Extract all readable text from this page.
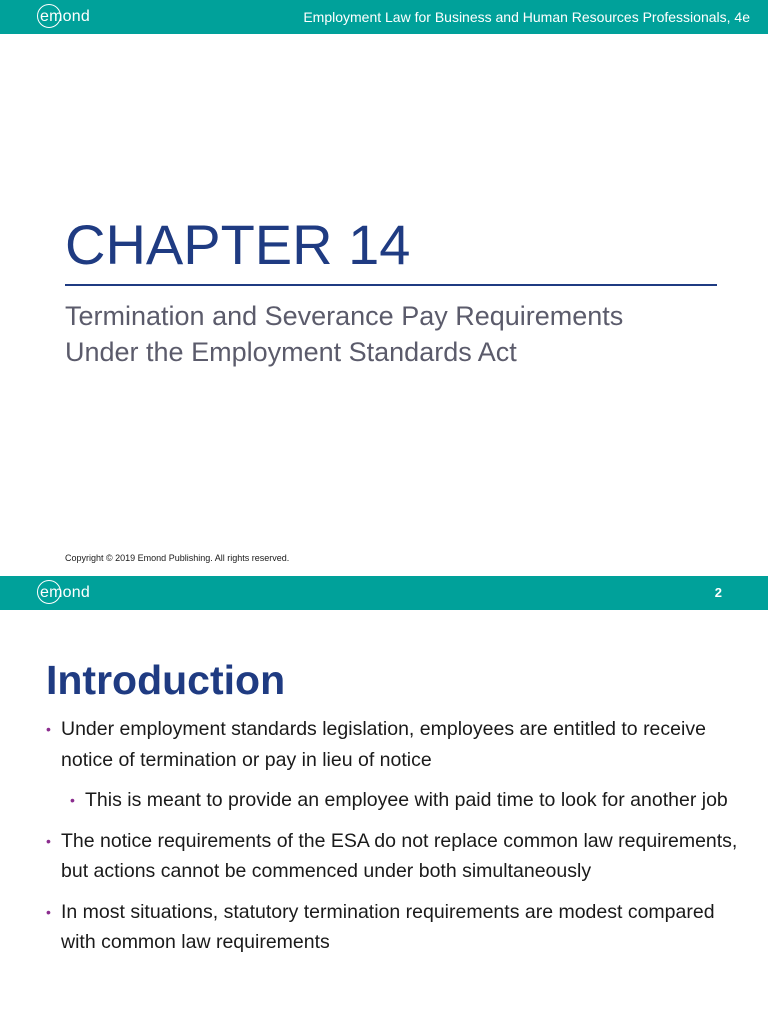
emond	Employment Law for Business and Human Resources Professionals, 4e
CHAPTER 14

Termination and Severance Pay Requirements Under the Employment Standards Act

Copyright © 2019 Emond Publishing. All rights reserved.
emond	2
Introduction
• Under employment standards legislation, employees are entitled to receive notice of termination or pay in lieu of notice
• This is meant to provide an employee with paid time to look for another job
• The notice requirements of the ESA do not replace common law requirements, but actions cannot be commenced under both simultaneously
• In most situations, statutory termination requirements are modest compared with common law requirements
